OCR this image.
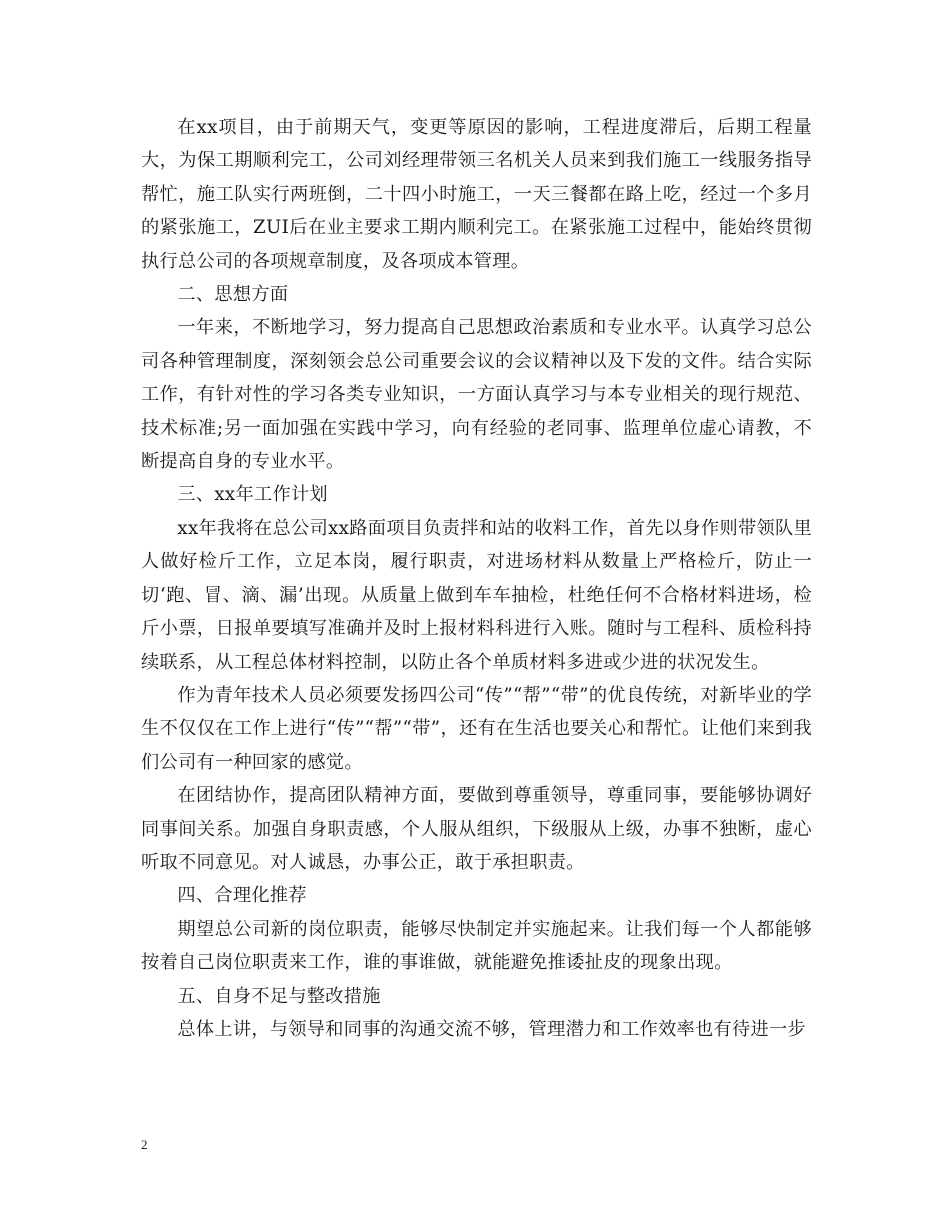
在xx项目，由于前期天气，变更等原因的影响，工程进度滞后，后期工程量大，为保工期顺利完工，公司刘经理带领三名机关人员来到我们施工一线服务指导帮忙，施工队实行两班倒，二十四小时施工，一天三餐都在路上吃，经过一个多月的紧张施工，ZUI后在业主要求工期内顺利完工。在紧张施工过程中，能始终贯彻执行总公司的各项规章制度，及各项成本管理。

二、思想方面

一年来，不断地学习，努力提高自己思想政治素质和专业水平。认真学习总公司各种管理制度，深刻领会总公司重要会议的会议精神以及下发的文件。结合实际工作，有针对性的学习各类专业知识，一方面认真学习与本专业相关的现行规范、技术标准;另一面加强在实践中学习，向有经验的老同事、监理单位虚心请教，不断提高自身的专业水平。

三、xx年工作计划

xx年我将在总公司xx路面项目负责拌和站的收料工作，首先以身作则带领队里人做好检斤工作，立足本岗，履行职责，对进场材料从数量上严格检斤，防止一切‘跑、冒、滴、漏’出现。从质量上做到车车抽检，杜绝任何不合格材料进场，检斤小票，日报单要填写准确并及时上报材料科进行入账。随时与工程科、质检科持续联系，从工程总体材料控制，以防止各个单质材料多进或少进的状况发生。

作为青年技术人员必须要发扬四公司“传”“帮”“带”的优良传统，对新毕业的学生不仅仅在工作上进行“传”“帮”“带”，还有在生活也要关心和帮忙。让他们来到我们公司有一种回家的感觉。

在团结协作，提高团队精神方面，要做到尊重领导，尊重同事，要能够协调好同事间关系。加强自身职责感，个人服从组织，下级服从上级，办事不独断，虚心听取不同意见。对人诚恳，办事公正，敢于承担职责。

四、合理化推荐

期望总公司新的岗位职责，能够尽快制定并实施起来。让我们每一个人都能够按着自己岗位职责来工作，谁的事谁做，就能避免推诿扯皮的现象出现。

五、自身不足与整改措施

总体上讲，与领导和同事的沟通交流不够，管理潜力和工作效率也有待进一步

2
